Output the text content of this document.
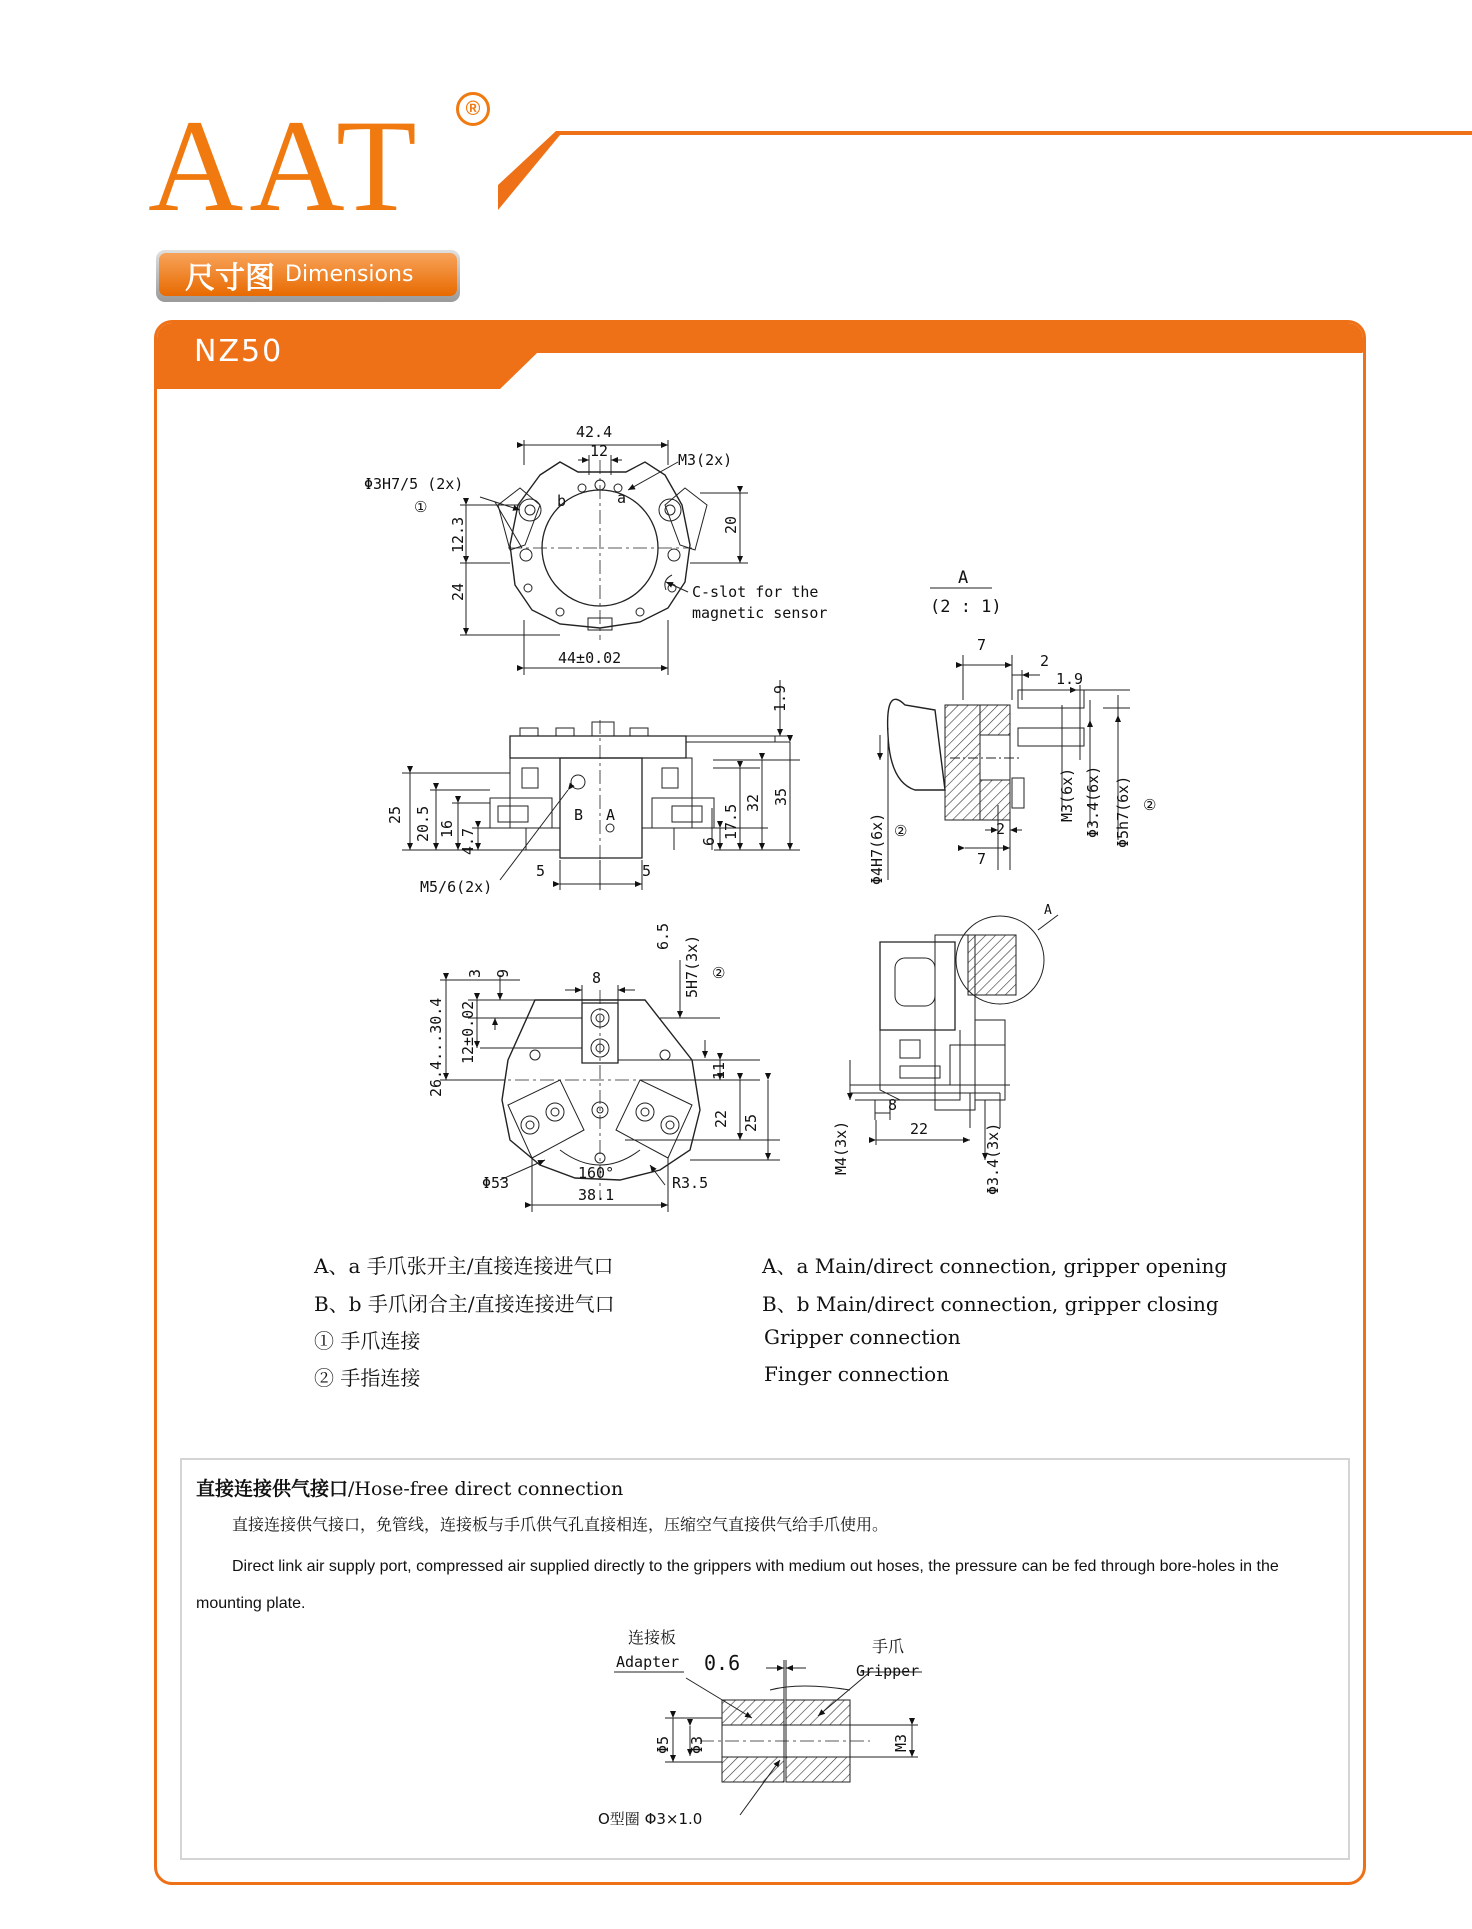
AAT	®
尺寸图 Dimensions
NZ50
42.4
12	M3(2x)
Φ3H7/5 (2x)
①	b	a
12.3
24
20
C-slot for the
magnetic sensor
44±0.02
A
(2 : 1)
7
2
1.9
Φ4H7(6x) ②
M3(6x) Φ3.4(6x) Φ5h7(6x) ②
2
7
1.9
25 20.5 16 4.7
M5/6(2x)
5	5
B A
6
17.5
32 35
6.5 5H7(3x) ②
3 9	8
26.4...30.4 12±0.02
11
22 25
Φ53
160°
R3.5
38.1
A
8
22
M4(3x)	Φ3.4(3x)
连接板
Adapter 0.6
手爪
Gripper
Φ5 Φ3	M3
O型圈 Φ3×1.0
A、a 手爪张开主/直接连接进气口
B、b 手爪闭合主/直接连接进气口
① 手爪连接
② 手指连接
A、a Main/direct connection, gripper opening
B、b Main/direct connection, gripper closing
Gripper connection
Finger connection
直接连接供气接口/Hose-free direct connection
直接连接供气接口，免管线，连接板与手爪供气孔直接相连，压缩空气直接供气给手爪使用。
Direct link air supply port, compressed air supplied directly to the grippers with medium out hoses, the pressure can be fed through bore-holes in the mounting plate.
